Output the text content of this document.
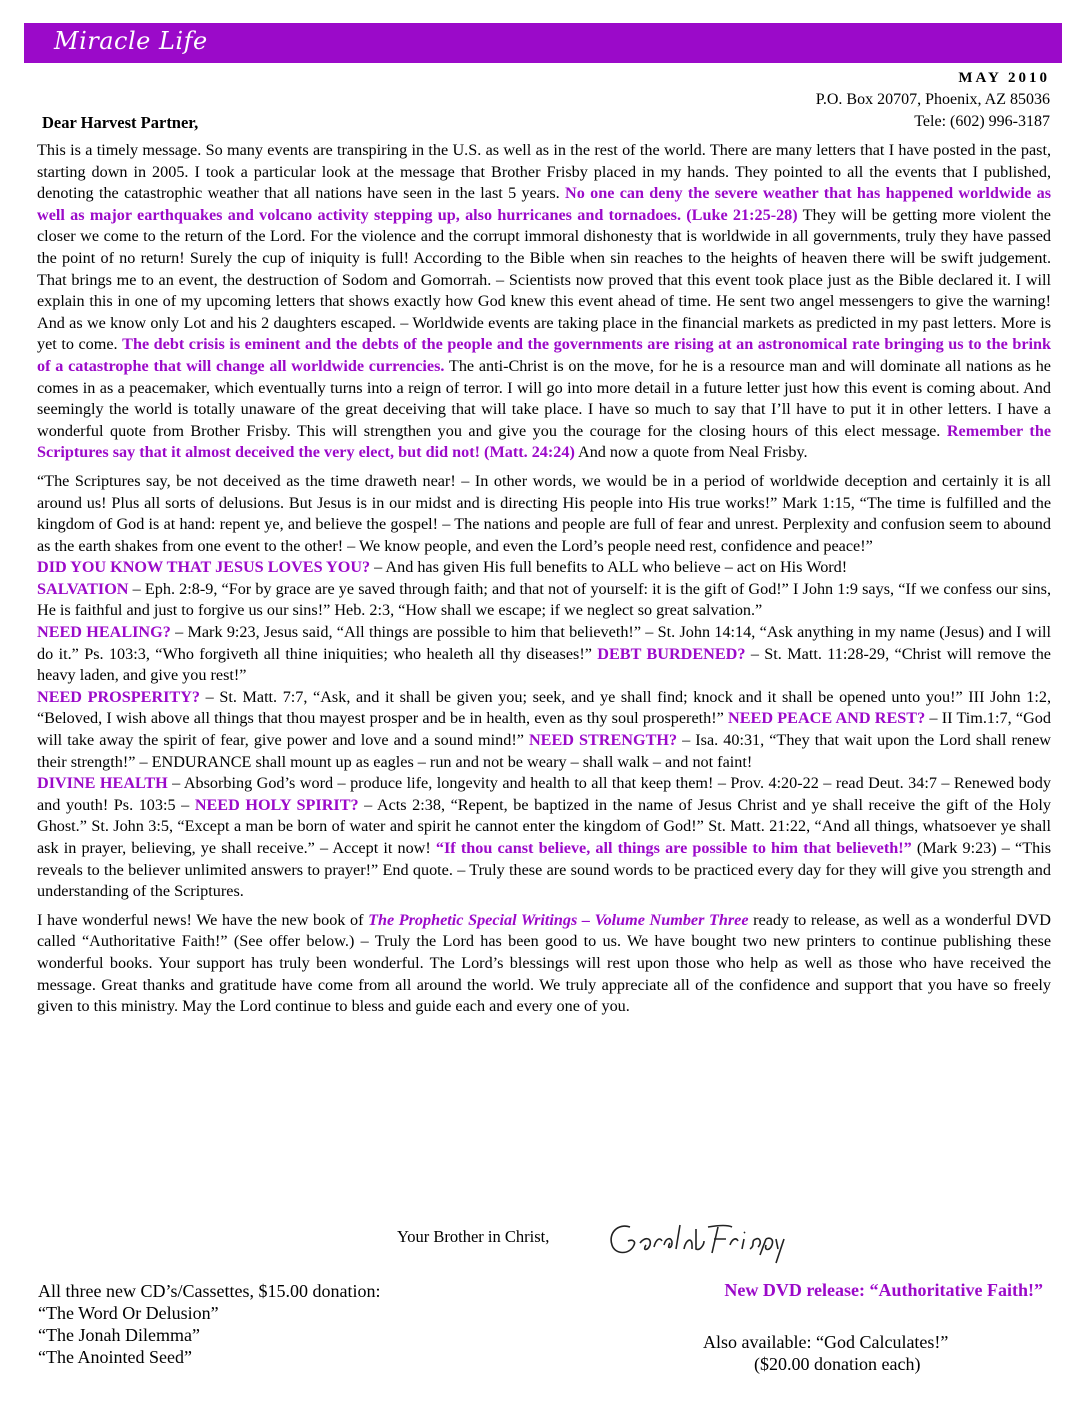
Miracle Life
MAY 2010
P.O. Box 20707, Phoenix, AZ 85036
Tele: (602) 996-3187
Dear Harvest Partner,

This is a timely message. So many events are transpiring in the U.S. as well as in the rest of the world. There are many letters that I have posted in the past, starting down in 2005. I took a particular look at the message that Brother Frisby placed in my hands. They pointed to all the events that I published, denoting the catastrophic weather that all nations have seen in the last 5 years. No one can deny the severe weather that has happened worldwide as well as major earthquakes and volcano activity stepping up, also hurricanes and tornadoes. (Luke 21:25-28) They will be getting more violent the closer we come to the return of the Lord. For the violence and the corrupt immoral dishonesty that is worldwide in all governments, truly they have passed the point of no return! Surely the cup of iniquity is full! According to the Bible when sin reaches to the heights of heaven there will be swift judgement. That brings me to an event, the destruction of Sodom and Gomorrah. – Scientists now proved that this event took place just as the Bible declared it. I will explain this in one of my upcoming letters that shows exactly how God knew this event ahead of time. He sent two angel messengers to give the warning! And as we know only Lot and his 2 daughters escaped. – Worldwide events are taking place in the financial markets as predicted in my past letters. More is yet to come. The debt crisis is eminent and the debts of the people and the governments are rising at an astronomical rate bringing us to the brink of a catastrophe that will change all worldwide currencies. The anti-Christ is on the move, for he is a resource man and will dominate all nations as he comes in as a peacemaker, which eventually turns into a reign of terror. I will go into more detail in a future letter just how this event is coming about. And seemingly the world is totally unaware of the great deceiving that will take place. I have so much to say that I’ll have to put it in other letters. I have a wonderful quote from Brother Frisby. This will strengthen you and give you the courage for the closing hours of this elect message. Remember the Scriptures say that it almost deceived the very elect, but did not! (Matt. 24:24) And now a quote from Neal Frisby.

“The Scriptures say, be not deceived as the time draweth near! – In other words, we would be in a period of worldwide deception and certainly it is all around us! Plus all sorts of delusions. But Jesus is in our midst and is directing His people into His true works!” Mark 1:15, “The time is fulfilled and the kingdom of God is at hand: repent ye, and believe the gospel! – The nations and people are full of fear and unrest. Perplexity and confusion seem to abound as the earth shakes from one event to the other! – We know people, and even the Lord’s people need rest, confidence and peace!”

DID YOU KNOW THAT JESUS LOVES YOU? – And has given His full benefits to ALL who believe – act on His Word!

SALVATION – Eph. 2:8-9, “For by grace are ye saved through faith; and that not of yourself: it is the gift of God!” I John 1:9 says, “If we confess our sins, He is faithful and just to forgive us our sins!” Heb. 2:3, “How shall we escape; if we neglect so great salvation.”

NEED HEALING? – Mark 9:23, Jesus said, “All things are possible to him that believeth!” – St. John 14:14, “Ask anything in my name (Jesus) and I will do it.” Ps. 103:3, “Who forgiveth all thine iniquities; who healeth all thy diseases!” DEBT BURDENED? – St. Matt. 11:28-29, “Christ will remove the heavy laden, and give you rest!”

NEED PROSPERITY? – St. Matt. 7:7, “Ask, and it shall be given you; seek, and ye shall find; knock and it shall be opened unto you!” III John 1:2, “Beloved, I wish above all things that thou mayest prosper and be in health, even as thy soul prospereth!” NEED PEACE AND REST? – II Tim.1:7, “God will take away the spirit of fear, give power and love and a sound mind!” NEED STRENGTH? – Isa. 40:31, “They that wait upon the Lord shall renew their strength!” – ENDURANCE shall mount up as eagles – run and not be weary – shall walk – and not faint!

DIVINE HEALTH – Absorbing God’s word – produce life, longevity and health to all that keep them! – Prov. 4:20-22 – read Deut. 34:7 – Renewed body and youth! Ps. 103:5 – NEED HOLY SPIRIT? – Acts 2:38, “Repent, be baptized in the name of Jesus Christ and ye shall receive the gift of the Holy Ghost.” St. John 3:5, “Except a man be born of water and spirit he cannot enter the kingdom of God!” St. Matt. 21:22, “And all things, whatsoever ye shall ask in prayer, believing, ye shall receive.” – Accept it now! “If thou canst believe, all things are possible to him that believeth!” (Mark 9:23) – “This reveals to the believer unlimited answers to prayer!” End quote. – Truly these are sound words to be practiced every day for they will give you strength and understanding of the Scriptures.

I have wonderful news! We have the new book of The Prophetic Special Writings – Volume Number Three ready to release, as well as a wonderful DVD called “Authoritative Faith!” (See offer below.) – Truly the Lord has been good to us. We have bought two new printers to continue publishing these wonderful books. Your support has truly been wonderful. The Lord’s blessings will rest upon those who help as well as those who have received the message. Great thanks and gratitude have come from all around the world. We truly appreciate all of the confidence and support that you have so freely given to this ministry. May the Lord continue to bless and guide each and every one of you.

Your Brother in Christ,
All three new CD’s/Cassettes, $15.00 donation:
“The Word Or Delusion”
“The Jonah Dilemma”
“The Anointed Seed”
New DVD release: “Authoritative Faith!”
Also available: “God Calculates!”
($20.00 donation each)
